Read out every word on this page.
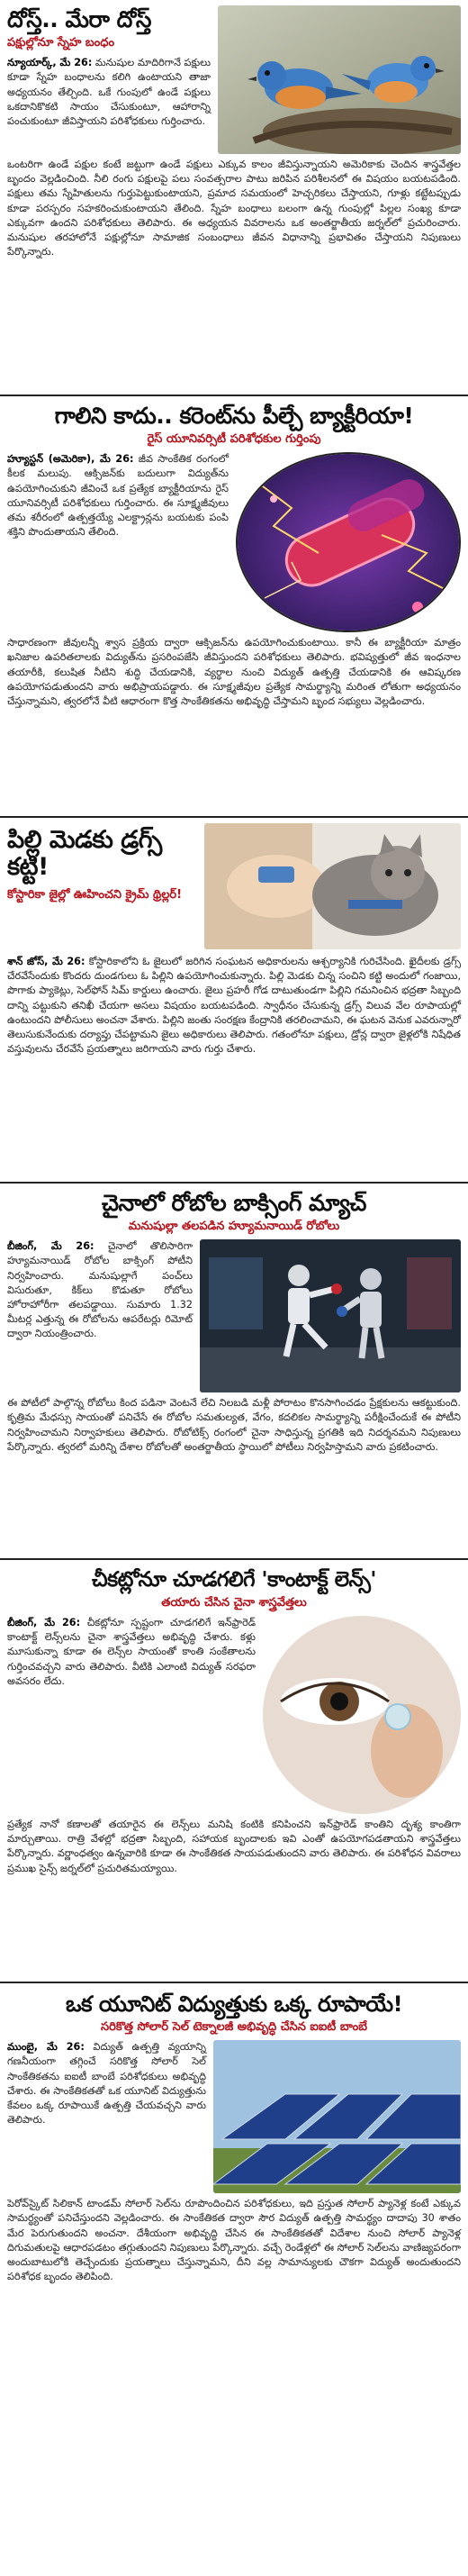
దోస్త్.. మేరా దోస్త్
పక్షుల్లోనూ స్నేహ బంధం

న్యూయార్క్, మే 26: మనుషుల మాదిరిగానే పక్షులు కూడా స్నేహ బంధాలను కలిగి ఉంటాయని తాజా అధ్యయనం తేల్చింది. ఒకే గుంపులో ఉండే పక్షులు ఒకదానికొకటి సాయం చేసుకుంటూ, ఆహారాన్ని పంచుకుంటూ జీవిస్తాయని పరిశోధకులు గుర్తించారు.

ఒంటరిగా ఉండే పక్షుల కంటే జట్టుగా ఉండే పక్షులు ఎక్కువ కాలం జీవిస్తున్నాయని అమెరికాకు చెందిన శాస్త్రవేత్తల బృందం వెల్లడించింది. నీలి రంగు పక్షులపై పలు సంవత్సరాల పాటు జరిపిన పరిశీలనలో ఈ విషయం బయటపడింది. పక్షులు తమ స్నేహితులను గుర్తుపెట్టుకుంటాయని, ప్రమాద సమయంలో హెచ్చరికలు చేస్తాయని, గూళ్లు కట్టేటప్పుడు కూడా పరస్పరం సహకరించుకుంటాయని తేలింది. స్నేహ బంధాలు బలంగా ఉన్న గుంపుల్లో పిల్లల సంఖ్య కూడా ఎక్కువగా ఉందని పరిశోధకులు తెలిపారు. ఈ అధ్యయన వివరాలను ఒక అంతర్జాతీయ జర్నల్‌లో ప్రచురించారు. మనుషుల తరహాలోనే పక్షుల్లోనూ సామాజిక సంబంధాలు జీవన విధానాన్ని ప్రభావితం చేస్తాయని నిపుణులు పేర్కొన్నారు.

గాలిని కాదు.. కరెంట్‌ను పీల్చే బ్యాక్టీరియా!
రైస్ యూనివర్సిటీ పరిశోధకుల గుర్తింపు

హ్యూస్టన్ (అమెరికా), మే 26: జీవ సాంకేతిక రంగంలో కీలక మలుపు. ఆక్సిజన్‌కు బదులుగా విద్యుత్‌ను ఉపయోగించుకుని జీవించే ఒక ప్రత్యేక బ్యాక్టీరియాను రైస్ యూనివర్సిటీ పరిశోధకులు గుర్తించారు. ఈ సూక్ష్మజీవులు తమ శరీరంలో ఉత్పత్తయ్యే ఎలక్ట్రాన్లను బయటకు పంపి శక్తిని పొందుతాయని తేలింది.

సాధారణంగా జీవులన్నీ శ్వాస ప్రక్రియ ద్వారా ఆక్సిజన్‌ను ఉపయోగించుకుంటాయి. కానీ ఈ బ్యాక్టీరియా మాత్రం ఖనిజాల ఉపరితలాలకు విద్యుత్‌ను ప్రసరింపజేసి జీవిస్తుందని పరిశోధకులు తెలిపారు. భవిష్యత్తులో జీవ ఇంధనాల తయారీకి, కలుషిత నీటిని శుద్ధి చేయడానికి, వ్యర్థాల నుంచి విద్యుత్ ఉత్పత్తి చేయడానికి ఈ ఆవిష్కరణ ఉపయోగపడుతుందని వారు అభిప్రాయపడ్డారు. ఈ సూక్ష్మజీవుల ప్రత్యేక సామర్థ్యాన్ని మరింత లోతుగా అధ్యయనం చేస్తున్నామని, త్వరలోనే వీటి ఆధారంగా కొత్త సాంకేతికతను అభివృద్ధి చేస్తామని బృంద సభ్యులు వెల్లడించారు.

పిల్లి మెడకు డ్రగ్స్ కట్టి!
కోస్టారికా జైల్లో ఊహించని క్రైమ్ థ్రిల్లర్!

శాన్ జోస్, మే 26: కోస్టారికాలోని ఓ జైలులో జరిగిన సంఘటన అధికారులను ఆశ్చర్యానికి గురిచేసింది. ఖైదీలకు డ్రగ్స్ చేరవేసేందుకు కొందరు దుండగులు ఓ పిల్లిని ఉపయోగించుకున్నారు. పిల్లి మెడకు చిన్న సంచిని కట్టి అందులో గంజాయి, పొగాకు ప్యాకెట్లు, సెల్‌ఫోన్ సిమ్ కార్డులు ఉంచారు. జైలు ప్రహరీ గోడ దాటుతుండగా పిల్లిని గమనించిన భద్రతా సిబ్బంది దాన్ని పట్టుకుని తనిఖీ చేయగా అసలు విషయం బయటపడింది. స్వాధీనం చేసుకున్న డ్రగ్స్ విలువ వేల రూపాయల్లో ఉంటుందని పోలీసులు అంచనా వేశారు. పిల్లిని జంతు సంరక్షణ కేంద్రానికి తరలించామని, ఈ ఘటన వెనుక ఎవరున్నారో తెలుసుకునేందుకు దర్యాప్తు చేపట్టామని జైలు అధికారులు తెలిపారు. గతంలోనూ పక్షులు, డ్రోన్ల ద్వారా జైళ్లలోకి నిషేధిత వస్తువులను చేరవేసే ప్రయత్నాలు జరిగాయని వారు గుర్తు చేశారు.

చైనాలో రోబోల బాక్సింగ్ మ్యాచ్
మనుషుల్లా తలపడిన హ్యూమనాయిడ్ రోబోలు

బీజింగ్, మే 26: చైనాలో తొలిసారిగా హ్యూమనాయిడ్ రోబోల బాక్సింగ్ పోటీని నిర్వహించారు. మనుషుల్లాగే పంచ్‌లు విసురుతూ, కిక్‌లు కొడుతూ రోబోలు హోరాహోరీగా తలపడ్డాయి. సుమారు 1.32 మీటర్ల ఎత్తున్న ఈ రోబోలను ఆపరేటర్లు రిమోట్ ద్వారా నియంత్రించారు.

ఈ పోటీలో పాల్గొన్న రోబోలు కింద పడినా వెంటనే లేచి నిలబడి మళ్లీ పోరాటం కొనసాగించడం ప్రేక్షకులను ఆకట్టుకుంది. కృత్రిమ మేధస్సు సాయంతో పనిచేసే ఈ రోబోల సమతుల్యత, వేగం, కదలికల సామర్థ్యాన్ని పరీక్షించేందుకే ఈ పోటీని నిర్వహించామని నిర్వాహకులు తెలిపారు. రోబోటిక్స్ రంగంలో చైనా సాధిస్తున్న ప్రగతికి ఇది నిదర్శనమని నిపుణులు పేర్కొన్నారు. త్వరలో మరిన్ని దేశాల రోబోలతో అంతర్జాతీయ స్థాయిలో పోటీలు నిర్వహిస్తామని వారు ప్రకటించారు.

చీకట్లోనూ చూడగలిగే 'కాంటాక్ట్ లెన్స్'
తయారు చేసిన చైనా శాస్త్రవేత్తలు

బీజింగ్, మే 26: చీకట్లోనూ స్పష్టంగా చూడగలిగే ఇన్‌ఫ్రారెడ్ కాంటాక్ట్ లెన్స్‌లను చైనా శాస్త్రవేత్తలు అభివృద్ధి చేశారు. కళ్లు మూసుకున్నా కూడా ఈ లెన్స్‌ల సాయంతో కాంతి సంకేతాలను గుర్తించవచ్చని వారు తెలిపారు. వీటికి ఎలాంటి విద్యుత్ సరఫరా అవసరం లేదు.

ప్రత్యేక నానో కణాలతో తయారైన ఈ లెన్స్‌లు మనిషి కంటికి కనిపించని ఇన్‌ఫ్రారెడ్ కాంతిని దృశ్య కాంతిగా మార్చుతాయి. రాత్రి వేళల్లో భద్రతా సిబ్బంది, సహాయక బృందాలకు ఇవి ఎంతో ఉపయోగపడతాయని శాస్త్రవేత్తలు పేర్కొన్నారు. వర్ణాంధత్వం ఉన్నవారికి కూడా ఈ సాంకేతికత సాయపడుతుందని వారు తెలిపారు. ఈ పరిశోధన వివరాలు ప్రముఖ సైన్స్ జర్నల్‌లో ప్రచురితమయ్యాయి.

ఒక యూనిట్ విద్యుత్తుకు ఒక్క రూపాయే!
సరికొత్త సోలార్ సెల్ టెక్నాలజీ అభివృద్ధి చేసిన ఐఐటీ బాంబే

ముంబై, మే 26: విద్యుత్ ఉత్పత్తి వ్యయాన్ని గణనీయంగా తగ్గించే సరికొత్త సోలార్ సెల్ సాంకేతికతను ఐఐటీ బాంబే పరిశోధకులు అభివృద్ధి చేశారు. ఈ సాంకేతికతతో ఒక యూనిట్ విద్యుత్తును కేవలం ఒక్క రూపాయికే ఉత్పత్తి చేయవచ్చని వారు తెలిపారు.

పెరోవ్‌స్కైట్ సిలికాన్ టాండమ్ సోలార్ సెల్‌ను రూపొందించిన పరిశోధకులు, ఇది ప్రస్తుత సోలార్ ప్యానెళ్ల కంటే ఎక్కువ సామర్థ్యంతో పనిచేస్తుందని వెల్లడించారు. ఈ సాంకేతికత ద్వారా సౌర విద్యుత్ ఉత్పత్తి సామర్థ్యం దాదాపు 30 శాతం మేర పెరుగుతుందని అంచనా. దేశీయంగా అభివృద్ధి చేసిన ఈ సాంకేతికతతో విదేశాల నుంచి సోలార్ ప్యానెళ్ల దిగుమతులపై ఆధారపడటం తగ్గుతుందని నిపుణులు పేర్కొన్నారు. వచ్చే రెండేళ్లలో ఈ సోలార్ సెల్‌లను వాణిజ్యపరంగా అందుబాటులోకి తెచ్చేందుకు ప్రయత్నాలు చేస్తున్నామని, దీని వల్ల సామాన్యులకు చౌకగా విద్యుత్ అందుతుందని పరిశోధక బృందం తెలిపింది.
